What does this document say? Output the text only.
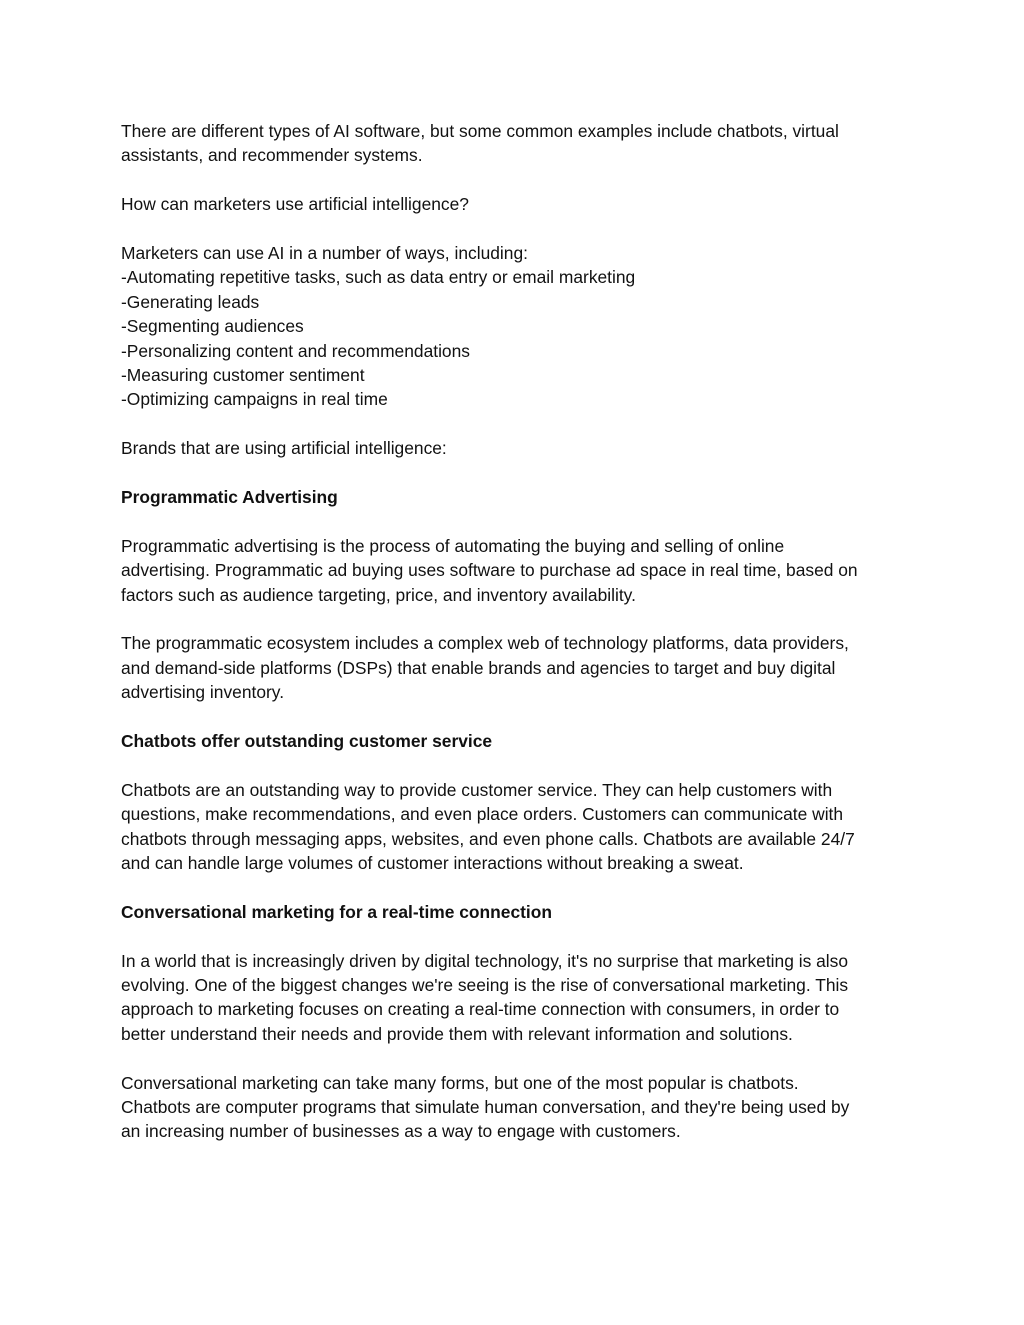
There are different types of AI software, but some common examples include chatbots, virtual
assistants, and recommender systems.

How can marketers use artificial intelligence?

Marketers can use AI in a number of ways, including:
-Automating repetitive tasks, such as data entry or email marketing
-Generating leads
-Segmenting audiences
-Personalizing content and recommendations
-Measuring customer sentiment
-Optimizing campaigns in real time

Brands that are using artificial intelligence:

Programmatic Advertising

Programmatic advertising is the process of automating the buying and selling of online
advertising. Programmatic ad buying uses software to purchase ad space in real time, based on
factors such as audience targeting, price, and inventory availability.

The programmatic ecosystem includes a complex web of technology platforms, data providers,
and demand-side platforms (DSPs) that enable brands and agencies to target and buy digital
advertising inventory.

Chatbots offer outstanding customer service

Chatbots are an outstanding way to provide customer service. They can help customers with
questions, make recommendations, and even place orders. Customers can communicate with
chatbots through messaging apps, websites, and even phone calls. Chatbots are available 24/7
and can handle large volumes of customer interactions without breaking a sweat.

Conversational marketing for a real-time connection

In a world that is increasingly driven by digital technology, it's no surprise that marketing is also
evolving. One of the biggest changes we're seeing is the rise of conversational marketing. This
approach to marketing focuses on creating a real-time connection with consumers, in order to
better understand their needs and provide them with relevant information and solutions.

Conversational marketing can take many forms, but one of the most popular is chatbots.
Chatbots are computer programs that simulate human conversation, and they're being used by
an increasing number of businesses as a way to engage with customers.
